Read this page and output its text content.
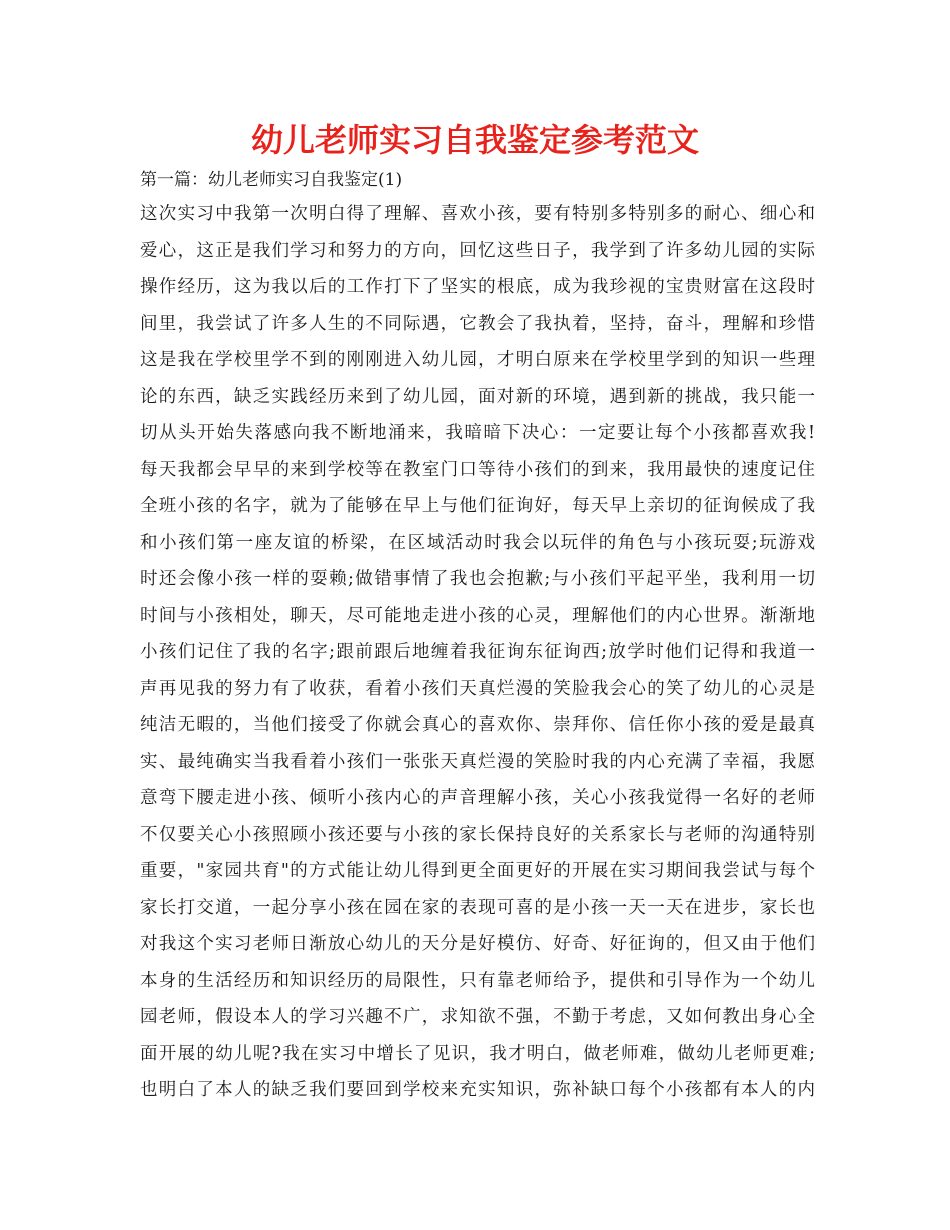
幼儿老师实习自我鉴定参考范文

第一篇：幼儿老师实习自我鉴定(1)

这次实习中我第一次明白得了理解、喜欢小孩，要有特别多特别多的耐心、细心和
爱心，这正是我们学习和努力的方向，回忆这些日子，我学到了许多幼儿园的实际
操作经历，这为我以后的工作打下了坚实的根底，成为我珍视的宝贵财富在这段时
间里，我尝试了许多人生的不同际遇，它教会了我执着，坚持，奋斗，理解和珍惜
这是我在学校里学不到的刚刚进入幼儿园，才明白原来在学校里学到的知识一些理
论的东西，缺乏实践经历来到了幼儿园，面对新的环境，遇到新的挑战，我只能一
切从头开始失落感向我不断地涌来，我暗暗下决心：一定要让每个小孩都喜欢我!
每天我都会早早的来到学校等在教室门口等待小孩们的到来，我用最快的速度记住
全班小孩的名字，就为了能够在早上与他们征询好，每天早上亲切的征询候成了我
和小孩们第一座友谊的桥梁，在区域活动时我会以玩伴的角色与小孩玩耍;玩游戏
时还会像小孩一样的耍赖;做错事情了我也会抱歉;与小孩们平起平坐，我利用一切
时间与小孩相处，聊天，尽可能地走进小孩的心灵，理解他们的内心世界。渐渐地
小孩们记住了我的名字;跟前跟后地缠着我征询东征询西;放学时他们记得和我道一
声再见我的努力有了收获，看着小孩们天真烂漫的笑脸我会心的笑了幼儿的心灵是
纯洁无暇的，当他们接受了你就会真心的喜欢你、崇拜你、信任你小孩的爱是最真
实、最纯确实当我看着小孩们一张张天真烂漫的笑脸时我的内心充满了幸福，我愿
意弯下腰走进小孩、倾听小孩内心的声音理解小孩，关心小孩我觉得一名好的老师
不仅要关心小孩照顾小孩还要与小孩的家长保持良好的关系家长与老师的沟通特别
重要，"家园共育"的方式能让幼儿得到更全面更好的开展在实习期间我尝试与每个
家长打交道，一起分享小孩在园在家的表现可喜的是小孩一天一天在进步，家长也
对我这个实习老师日渐放心幼儿的天分是好模仿、好奇、好征询的，但又由于他们
本身的生活经历和知识经历的局限性，只有靠老师给予，提供和引导作为一个幼儿
园老师，假设本人的学习兴趣不广，求知欲不强，不勤于考虑，又如何教出身心全
面开展的幼儿呢?我在实习中增长了见识，我才明白，做老师难，做幼儿老师更难;
也明白了本人的缺乏我们要回到学校来充实知识，弥补缺口每个小孩都有本人的内
